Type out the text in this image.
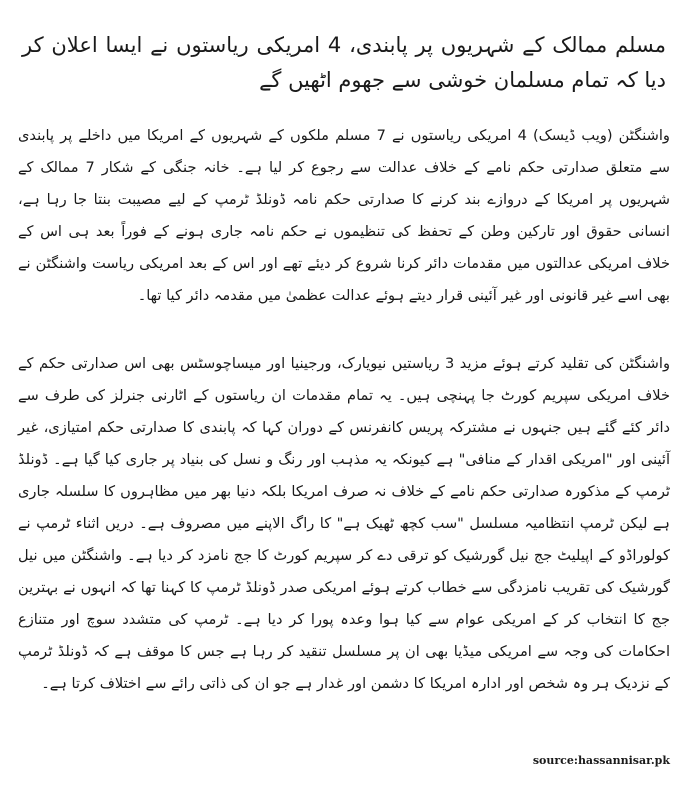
مسلم ممالک کے شہریوں پر پابندی، 4 امریکی ریاستوں نے ایسا اعلان کر دیا کہ تمام مسلمان خوشی سے جھوم اٹھیں گے

واشنگٹن (ویب ڈیسک) 4 امریکی ریاستوں نے 7 مسلم ملکوں کے شہریوں کے امریکا میں داخلے پر پابندی سے متعلق صدارتی حکم نامے کے خلاف عدالت سے رجوع کر لیا ہے۔ خانہ جنگی کے شکار 7 ممالک کے شہریوں پر امریکا کے دروازے بند کرنے کا صدارتی حکم نامہ ڈونلڈ ٹرمپ کے لیے مصیبت بنتا جا رہا ہے، انسانی حقوق اور تارکین وطن کے تحفظ کی تنظیموں نے حکم نامہ جاری ہونے کے فوراً بعد ہی اس کے خلاف امریکی عدالتوں میں مقدمات دائر کرنا شروع کر دیئے تھے اور اس کے بعد امریکی ریاست واشنگٹن نے بھی اسے غیر قانونی اور غیر آئینی قرار دیتے ہوئے عدالت عظمیٰ میں مقدمہ دائر کیا تھا۔

واشنگٹن کی تقلید کرتے ہوئے مزید 3 ریاستیں نیویارک، ورجینیا اور میساچوسٹس بھی اس صدارتی حکم کے خلاف امریکی سپریم کورٹ جا پہنچی ہیں۔ یہ تمام مقدمات ان ریاستوں کے اٹارنی جنرلز کی طرف سے دائر کئے گئے ہیں جنہوں نے مشترکہ پریس کانفرنس کے دوران کہا کہ پابندی کا صدارتی حکم امتیازی، غیر آئینی اور "امریکی اقدار کے منافی" ہے کیونکہ یہ مذہب اور رنگ و نسل کی بنیاد پر جاری کیا گیا ہے۔ ڈونلڈ ٹرمپ کے مذکورہ صدارتی حکم نامے کے خلاف نہ صرف امریکا بلکہ دنیا بھر میں مظاہروں کا سلسلہ جاری ہے لیکن ٹرمپ انتظامیہ مسلسل "سب کچھ ٹھیک ہے" کا راگ الاپنے میں مصروف ہے۔ دریں اثناء ٹرمپ نے کولوراڈو کے اپیلیٹ جج نیل گورشیک کو ترقی دے کر سپریم کورٹ کا جج نامزد کر دیا ہے۔ واشنگٹن میں نیل گورشیک کی تقریب نامزدگی سے خطاب کرتے ہوئے امریکی صدر ڈونلڈ ٹرمپ کا کہنا تھا کہ انہوں نے بہترین جج کا انتخاب کر کے امریکی عوام سے کیا ہوا وعدہ پورا کر دیا ہے۔ ٹرمپ کی متشدد سوچ اور متنازع احکامات کی وجہ سے امریکی میڈیا بھی ان پر مسلسل تنقید کر رہا ہے جس کا موقف ہے کہ ڈونلڈ ٹرمپ کے نزدیک ہر وہ شخص اور ادارہ امریکا کا دشمن اور غدار ہے جو ان کی ذاتی رائے سے اختلاف کرتا ہے۔

source:hassannisar.pk
